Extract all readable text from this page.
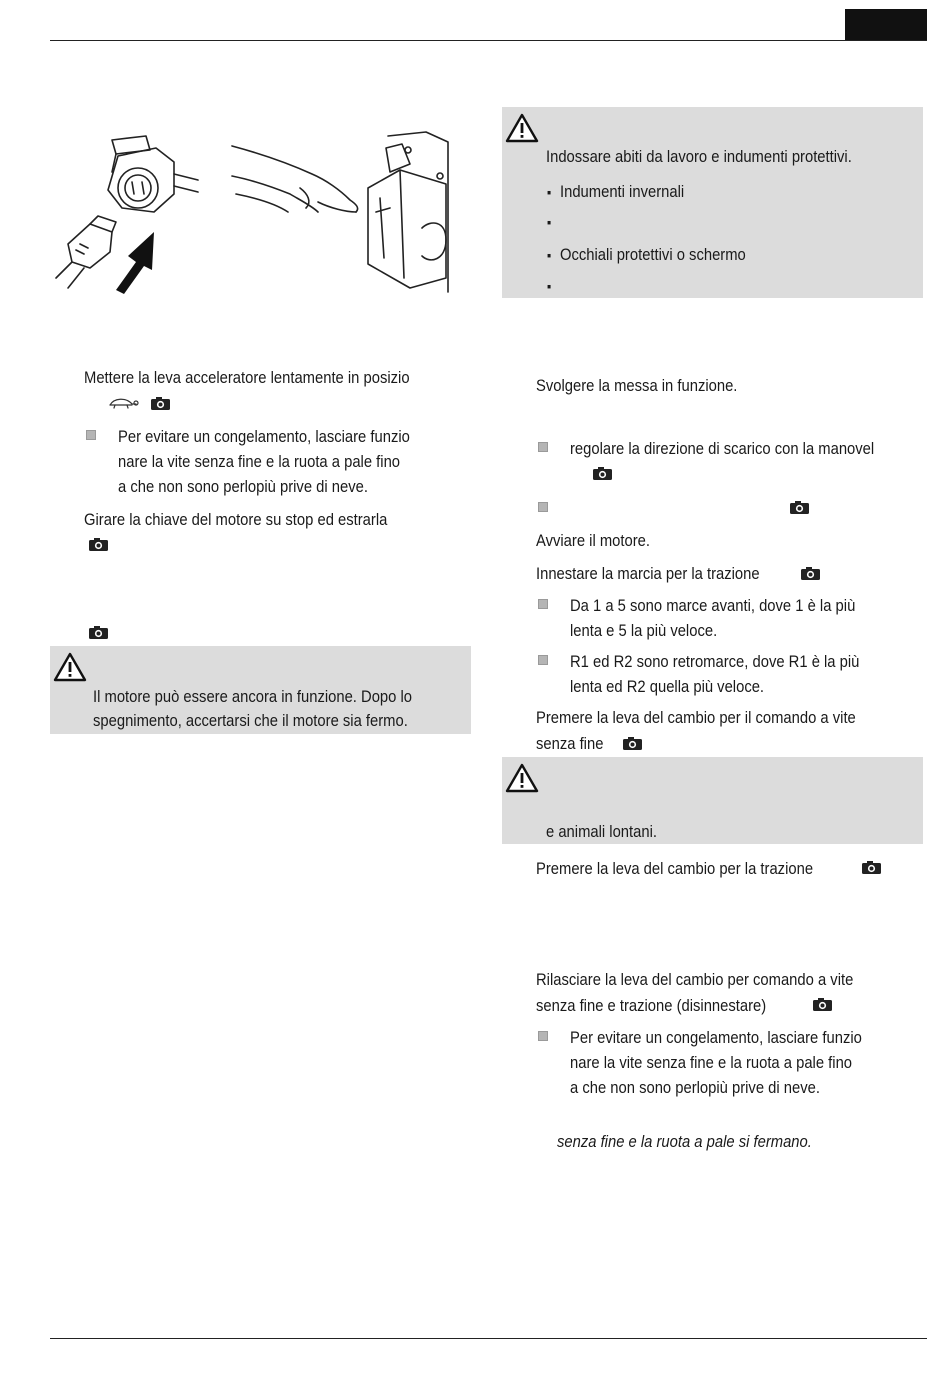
Mettere la leva acceleratore lentamente in posizio
Per evitare un congelamento, lasciare funzio
nare la vite senza fine e la ruota a pale fino
a che non sono perlopiù prive di neve.
Girare la chiave del motore su stop ed estrarla
Il motore può essere ancora in funzione. Dopo lo
spegnimento, accertarsi che il motore sia fermo.
Indossare abiti da lavoro e indumenti protettivi.
▪ Indumenti invernali
▪
▪ Occhiali protettivi o schermo
▪
Svolgere la messa in funzione.
regolare la direzione di scarico con la manovel
Avviare il motore.
Innestare la marcia per la trazione
Da 1 a 5 sono marce avanti, dove 1 è la più
lenta e 5 la più veloce.
R1 ed R2 sono retromarce, dove R1 è la più
lenta ed R2 quella più veloce.
Premere la leva del cambio per il comando a vite
senza fine
e animali lontani.
Premere la leva del cambio per la trazione
Rilasciare la leva del cambio per comando a vite
senza fine e trazione (disinnestare)
Per evitare un congelamento, lasciare funzio
nare la vite senza fine e la ruota a pale fino
a che non sono perlopiù prive di neve.
senza fine e la ruota a pale si fermano.
